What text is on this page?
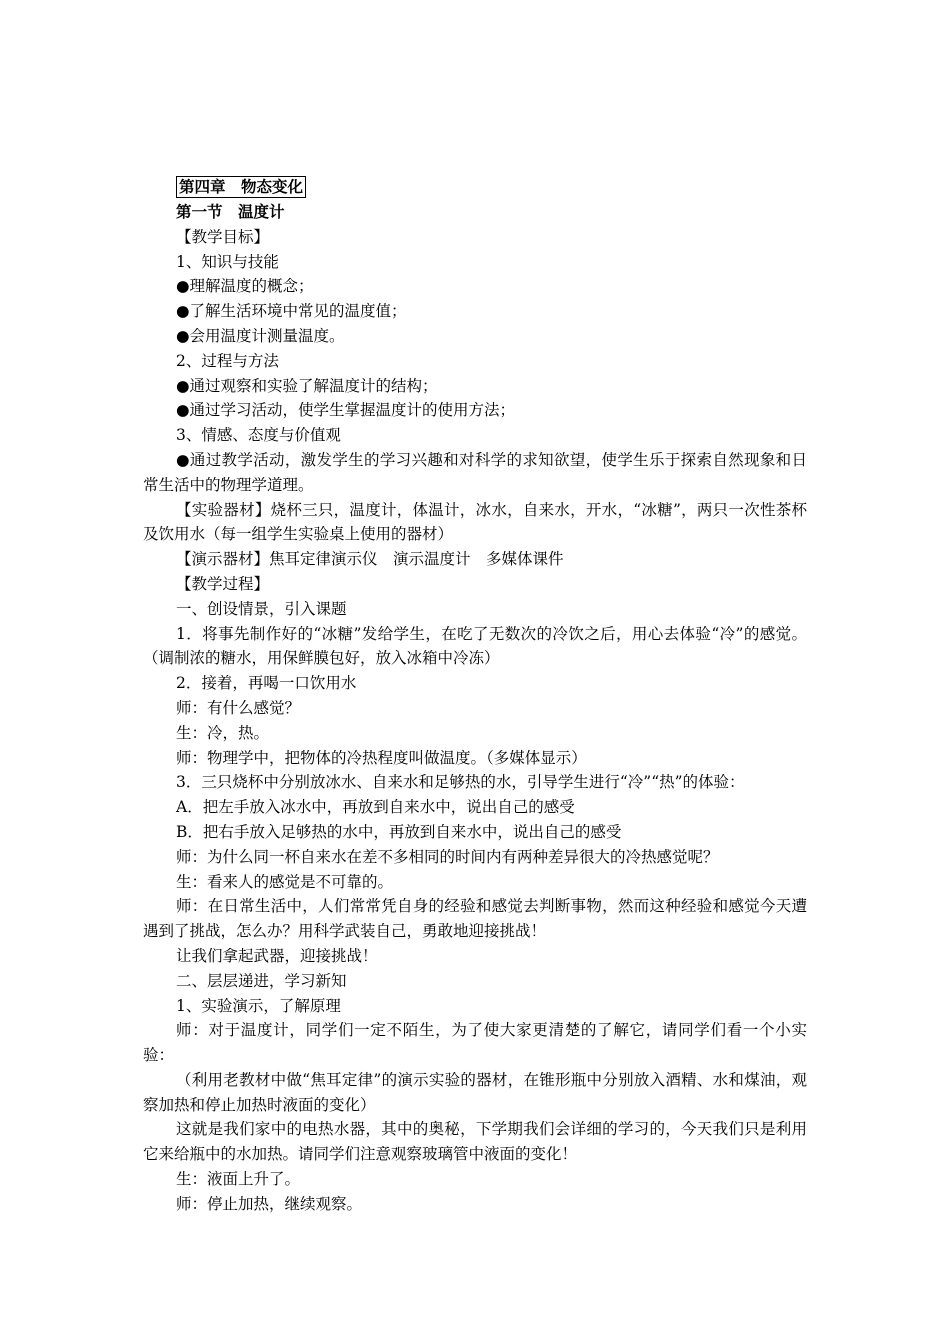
第四章　物态变化

第一节　温度计

【教学目标】

1、知识与技能

●理解温度的概念；

●了解生活环境中常见的温度值；

●会用温度计测量温度。

2、过程与方法

●通过观察和实验了解温度计的结构；

●通过学习活动，使学生掌握温度计的使用方法；

3、情感、态度与价值观

●通过教学活动，激发学生的学习兴趣和对科学的求知欲望，使学生乐于探索自然现象和日常生活中的物理学道理。

【实验器材】烧杯三只，温度计，体温计，冰水，自来水，开水，“冰糖”，两只一次性茶杯及饮用水（每一组学生实验桌上使用的器材）

【演示器材】焦耳定律演示仪　演示温度计　多媒体课件

【教学过程】

一、创设情景，引入课题

1．将事先制作好的“冰糖”发给学生，在吃了无数次的冷饮之后，用心去体验“冷”的感觉。（调制浓的糖水，用保鲜膜包好，放入冰箱中冷冻）

2．接着，再喝一口饮用水

师：有什么感觉？

生：冷，热。

师：物理学中，把物体的冷热程度叫做温度。（多媒体显示）

3．三只烧杯中分别放冰水、自来水和足够热的水，引导学生进行“冷”“热”的体验：

A．把左手放入冰水中，再放到自来水中，说出自己的感受

B．把右手放入足够热的水中，再放到自来水中，说出自己的感受

师：为什么同一杯自来水在差不多相同的时间内有两种差异很大的冷热感觉呢？

生：看来人的感觉是不可靠的。

师：在日常生活中，人们常常凭自身的经验和感觉去判断事物，然而这种经验和感觉今天遭遇到了挑战，怎么办？用科学武装自己，勇敢地迎接挑战！

让我们拿起武器，迎接挑战！

二、层层递进，学习新知

1、实验演示，了解原理

师：对于温度计，同学们一定不陌生，为了使大家更清楚的了解它，请同学们看一个小实验：

（利用老教材中做“焦耳定律”的演示实验的器材，在锥形瓶中分别放入酒精、水和煤油，观察加热和停止加热时液面的变化）

这就是我们家中的电热水器，其中的奥秘，下学期我们会详细的学习的，今天我们只是利用它来给瓶中的水加热。请同学们注意观察玻璃管中液面的变化！

生：液面上升了。

师：停止加热，继续观察。
